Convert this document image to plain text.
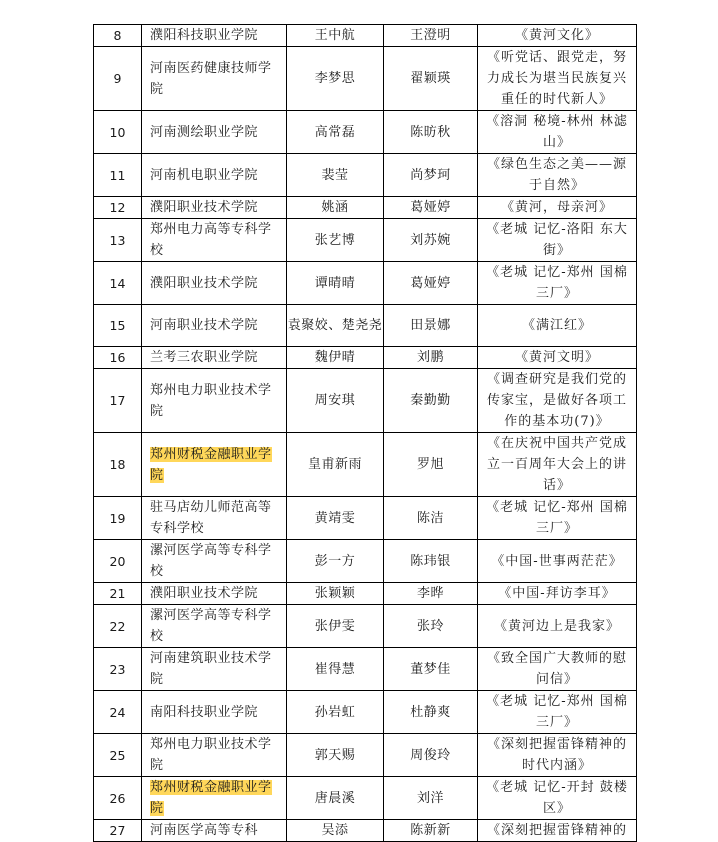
8	濮阳科技职业学院	王中航	王澄明	《黄河文化》
9	河南医药健康技师学院	李梦思	翟颖瑛	《听党话、跟党走，努力成长为堪当民族复兴重任的时代新人》
10	河南测绘职业学院	高常磊	陈昉秋	《溶洞 秘境-林州 林滤山》
11	河南机电职业学院	裴莹	尚梦珂	《绿色生态之美——源于自然》
12	濮阳职业技术学院	姚涵	葛娅婷	《黄河，母亲河》
13	郑州电力高等专科学校	张艺博	刘苏婉	《老城 记忆-洛阳 东大街》
14	濮阳职业技术学院	谭晴晴	葛娅婷	《老城 记忆-郑州 国棉三厂》
15	河南职业技术学院	袁聚姣、楚尧尧	田景娜	《满江红》
16	兰考三农职业学院	魏伊晴	刘鹏	《黄河文明》
17	郑州电力职业技术学院	周安琪	秦勤勤	《调查研究是我们党的传家宝，是做好各项工作的基本功(7)》
18	郑州财税金融职业学院	皇甫新雨	罗旭	《在庆祝中国共产党成立一百周年大会上的讲话》
19	驻马店幼儿师范高等专科学校	黄靖雯	陈洁	《老城 记忆-郑州 国棉三厂》
20	漯河医学高等专科学校	彭一方	陈玮银	《中国-世事两茫茫》
21	濮阳职业技术学院	张颖颖	李晔	《中国-拜访李耳》
22	漯河医学高等专科学校	张伊雯	张玲	《黄河边上是我家》
23	河南建筑职业技术学院	崔得慧	董梦佳	《致全国广大教师的慰问信》
24	南阳科技职业学院	孙岩虹	杜静爽	《老城 记忆-郑州 国棉三厂》
25	郑州电力职业技术学院	郭天赐	周俊玲	《深刻把握雷锋精神的时代内涵》
26	郑州财税金融职业学院	唐晨溪	刘洋	《老城 记忆-开封 鼓楼区》
27	河南医学高等专科	吴添	陈新新	《深刻把握雷锋精神的
